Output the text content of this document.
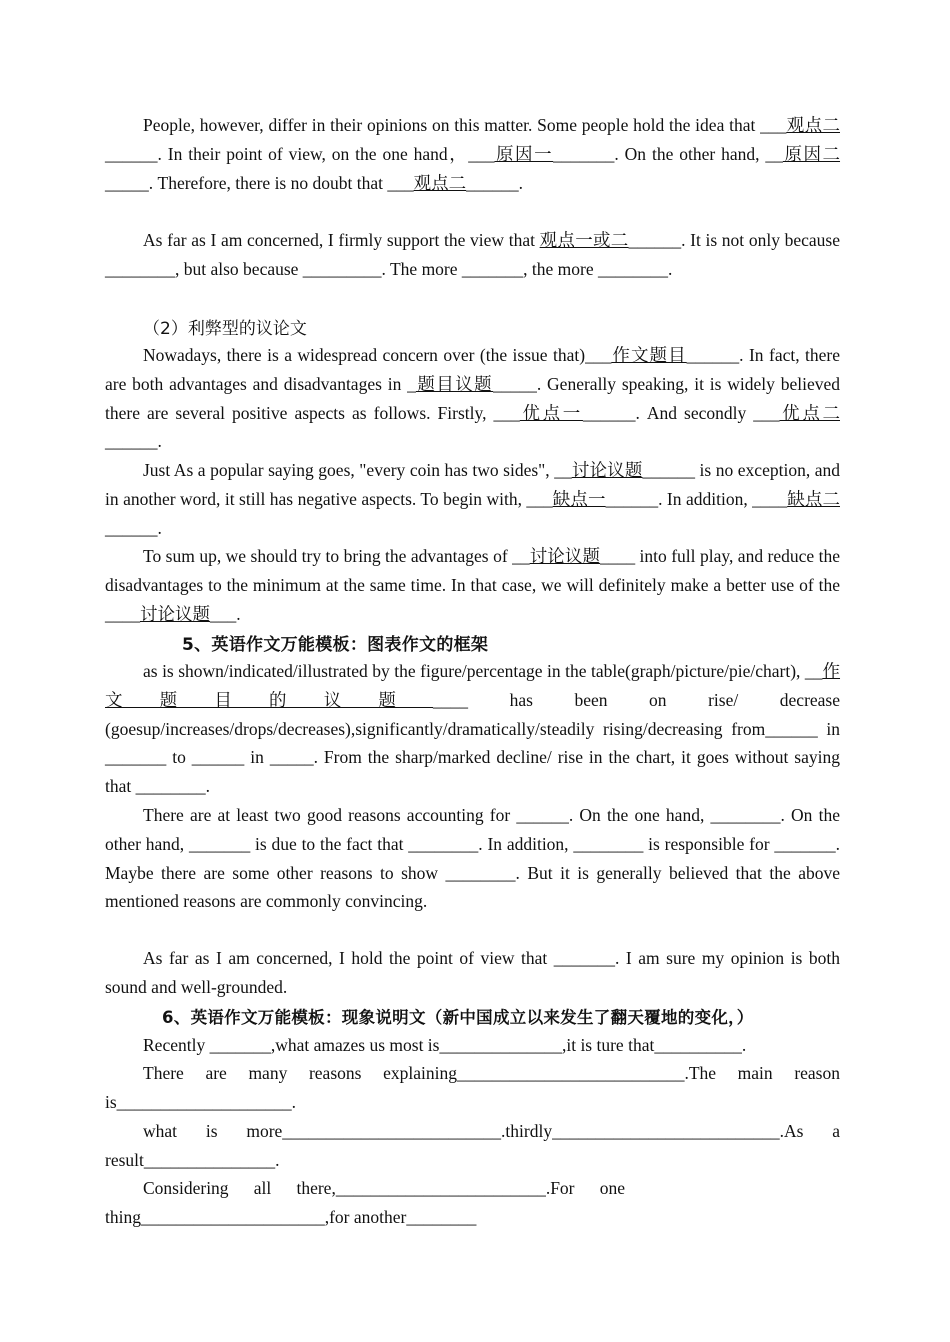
People, however, differ in their opinions on this matter. Some people hold the idea that ___观点二______. In their point of view, on the one hand，___原因一_______. On the other hand, __原因二_____. Therefore, there is no doubt that ___观点二______.

As far as I am concerned, I firmly support the view that 观点一或二______. It is not only because ________, but also because _________. The more _______, the more ________.

（2）利弊型的议论文

Nowadays, there is a widespread concern over (the issue that)___作文题目______. In fact, there are both advantages and disadvantages in _题目议题_____. Generally speaking, it is widely believed there are several positive aspects as follows. Firstly, ___优点一______. And secondly ___优点二______.

Just As a popular saying goes, "every coin has two sides", __讨论议题______ is no exception, and in another word, it still has negative aspects. To begin with, ___缺点一______. In addition, ____缺点二______.

To sum up, we should try to bring the advantages of __讨论议题____ into full play, and reduce the disadvantages to the minimum at the same time. In that case, we will definitely make a better use of the ____讨论议题___.

5、英语作文万能模板：图表作文的框架

as is shown/indicated/illustrated by the figure/percentage in the table(graph/picture/pie/chart), __作文题目的议题____ has been on rise/ decrease (goesup/increases/drops/decreases),significantly/dramatically/steadily rising/decreasing from______ in _______ to ______ in _____. From the sharp/marked decline/ rise in the chart, it goes without saying that ________.

There are at least two good reasons accounting for ______. On the one hand, ________. On the other hand, _______ is due to the fact that ________. In addition, ________ is responsible for _______. Maybe there are some other reasons to show ________. But it is generally believed that the above mentioned reasons are commonly convincing.

As far as I am concerned, I hold the point of view that _______. I am sure my opinion is both sound and well-grounded.

6、英语作文万能模板：现象说明文（新中国成立以来发生了翻天覆地的变化，）

Recently _______,what amazes us most is______________,it is ture that__________.

There are many reasons explaining__________________________.The main reason is____________________.

what is more_________________________.thirdly__________________________.As a result_______________.

Considering all there,________________________.For one thing_____________________,for another________
